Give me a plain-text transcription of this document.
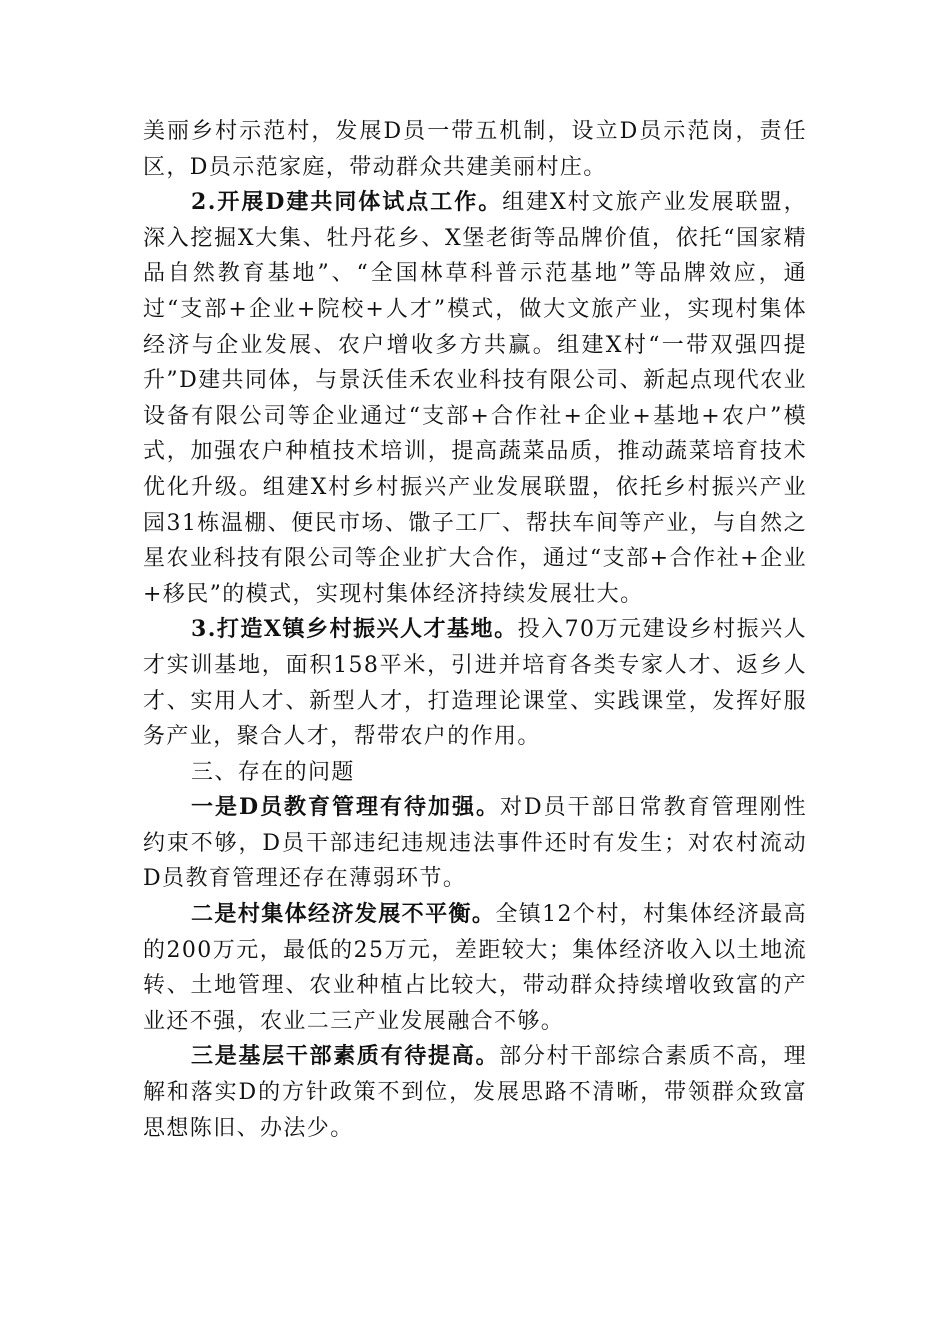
美丽乡村示范村，发展D员一带五机制，设立D员示范岗，责任区，D员示范家庭，带动群众共建美丽村庄。

2.开展D建共同体试点工作。组建X村文旅产业发展联盟，深入挖掘X大集、牡丹花乡、X堡老街等品牌价值，依托“国家精品自然教育基地”、“全国林草科普示范基地”等品牌效应，通过“支部+企业+院校+人才”模式，做大文旅产业，实现村集体经济与企业发展、农户增收多方共赢。组建X村“一带双强四提升”D建共同体，与景沃佳禾农业科技有限公司、新起点现代农业设备有限公司等企业通过“支部+合作社+企业+基地+农户”模式，加强农户种植技术培训，提高蔬菜品质，推动蔬菜培育技术优化升级。组建X村乡村振兴产业发展联盟，依托乡村振兴产业园31栋温棚、便民市场、馓子工厂、帮扶车间等产业，与自然之星农业科技有限公司等企业扩大合作，通过“支部+合作社+企业+移民”的模式，实现村集体经济持续发展壮大。

3.打造X镇乡村振兴人才基地。投入70万元建设乡村振兴人才实训基地，面积158平米，引进并培育各类专家人才、返乡人才、实用人才、新型人才，打造理论课堂、实践课堂，发挥好服务产业，聚合人才，帮带农户的作用。

三、存在的问题

一是D员教育管理有待加强。对D员干部日常教育管理刚性约束不够，D员干部违纪违规违法事件还时有发生；对农村流动D员教育管理还存在薄弱环节。

二是村集体经济发展不平衡。全镇12个村，村集体经济最高的200万元，最低的25万元，差距较大；集体经济收入以土地流转、土地管理、农业种植占比较大，带动群众持续增收致富的产业还不强，农业二三产业发展融合不够。

三是基层干部素质有待提高。部分村干部综合素质不高，理解和落实D的方针政策不到位，发展思路不清晰，带领群众致富思想陈旧、办法少。
